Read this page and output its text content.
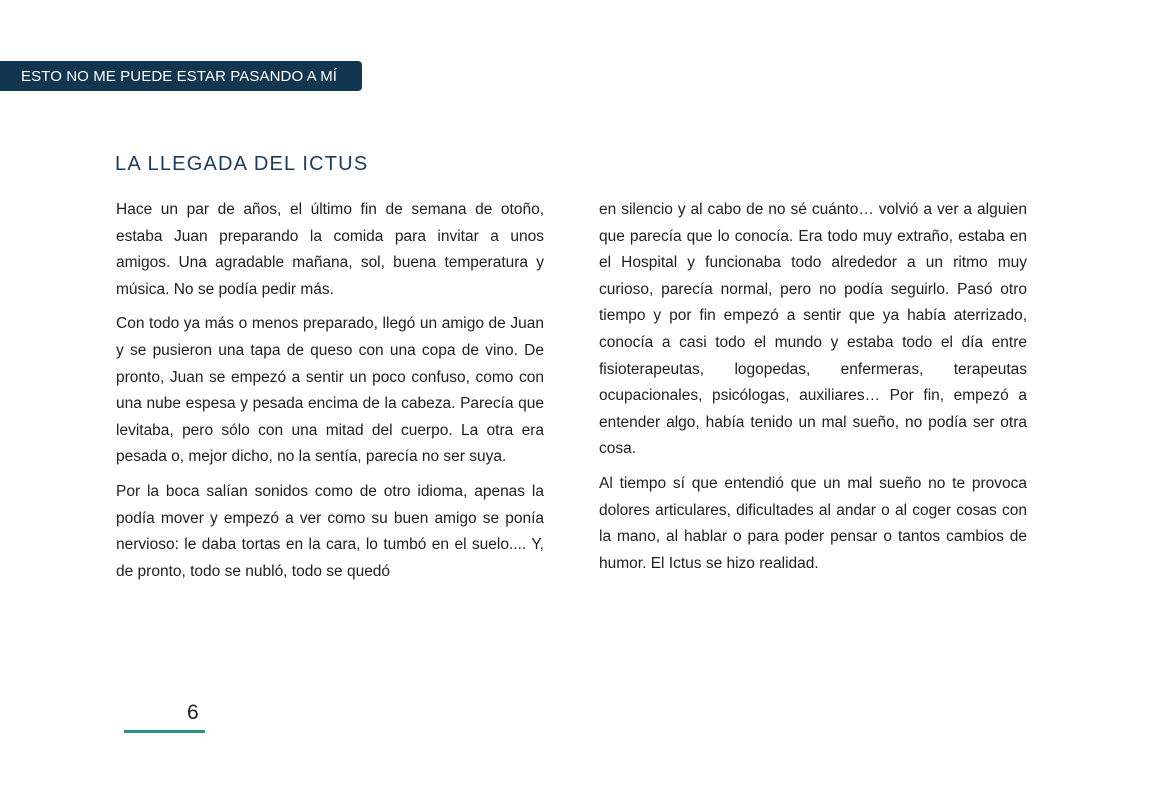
ESTO NO ME PUEDE ESTAR PASANDO A MÍ
LA LLEGADA DEL ICTUS

Hace un par de años, el último fin de semana de otoño, estaba Juan preparando la comida para invitar a unos amigos. Una agradable mañana, sol, buena temperatura y música. No se podía pedir más.

Con todo ya más o menos preparado, llegó un amigo de Juan y se pusieron una tapa de queso con una copa de vino. De pronto, Juan se empezó a sentir un poco confuso, como con una nube espesa y pesada encima de la cabeza. Parecía que levitaba, pero sólo con una mitad del cuerpo. La otra era pesada o, mejor dicho, no la sentía, parecía no ser suya.

Por la boca salían sonidos como de otro idioma, apenas la podía mover y empezó a ver como su buen amigo se ponía nervioso: le daba tortas en la cara, lo tumbó en el suelo.... Y, de pronto, todo se nubló, todo se quedó

en silencio y al cabo de no sé cuánto… volvió a ver a alguien que parecía que lo conocía. Era todo muy extraño, estaba en el Hospital y funcionaba todo alrededor a un ritmo muy curioso, parecía normal, pero no podía seguirlo. Pasó otro tiempo y por fin empezó a sentir que ya había aterrizado, conocía a casi todo el mundo y estaba todo el día entre fisioterapeutas, logopedas, enfermeras, terapeutas ocupacionales, psicólogas, auxiliares… Por fin, empezó a entender algo, había tenido un mal sueño, no podía ser otra cosa.

Al tiempo sí que entendió que un mal sueño no te provoca dolores articulares, dificultades al andar o al coger cosas con la mano, al hablar o para poder pensar o tantos cambios de humor. El Ictus se hizo realidad.

6
